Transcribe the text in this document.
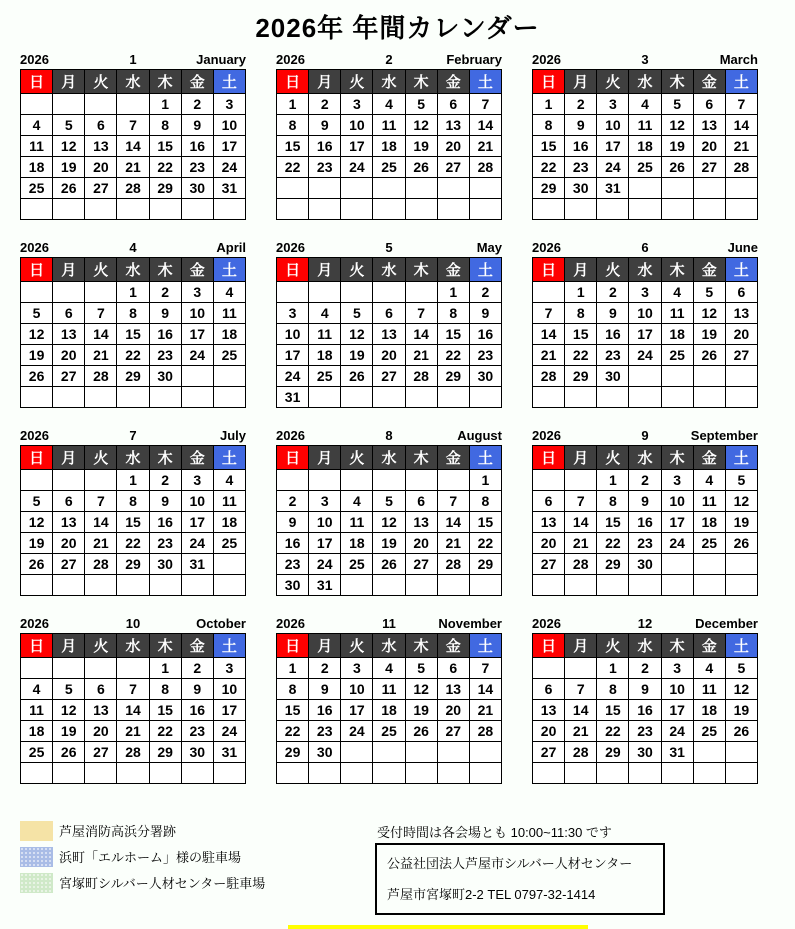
2026年 年間カレンダー
2026	1	January
日	月	火	水	木	金	土
				1	2	3
4	5	6	7	8	9	10
11	12	13	14	15	16	17
18	19	20	21	22	23	24
25	26	27	28	29	30	31

2026	2	February
日	月	火	水	木	金	土
1	2	3	4	5	6	7
8	9	10	11	12	13	14
15	16	17	18	19	20	21
22	23	24	25	26	27	28

2026	3	March
日	月	火	水	木	金	土
1	2	3	4	5	6	7
8	9	10	11	12	13	14
15	16	17	18	19	20	21
22	23	24	25	26	27	28
29	30	31				

2026	4	April
日	月	火	水	木	金	土
			1	2	3	4
5	6	7	8	9	10	11
12	13	14	15	16	17	18
19	20	21	22	23	24	25
26	27	28	29	30		

2026	5	May
日	月	火	水	木	金	土
					1	2
3	4	5	6	7	8	9
10	11	12	13	14	15	16
17	18	19	20	21	22	23
24	25	26	27	28	29	30
31						
2026	6	June
日	月	火	水	木	金	土
	1	2	3	4	5	6
7	8	9	10	11	12	13
14	15	16	17	18	19	20
21	22	23	24	25	26	27
28	29	30				

2026	7	July
日	月	火	水	木	金	土
			1	2	3	4
5	6	7	8	9	10	11
12	13	14	15	16	17	18
19	20	21	22	23	24	25
26	27	28	29	30	31	

2026	8	August
日	月	火	水	木	金	土
						1
2	3	4	5	6	7	8
9	10	11	12	13	14	15
16	17	18	19	20	21	22
23	24	25	26	27	28	29
30	31					
2026	9	September
日	月	火	水	木	金	土
		1	2	3	4	5
6	7	8	9	10	11	12
13	14	15	16	17	18	19
20	21	22	23	24	25	26
27	28	29	30			

2026	10	October
日	月	火	水	木	金	土
				1	2	3
4	5	6	7	8	9	10
11	12	13	14	15	16	17
18	19	20	21	22	23	24
25	26	27	28	29	30	31

2026	11	November
日	月	火	水	木	金	土
1	2	3	4	5	6	7
8	9	10	11	12	13	14
15	16	17	18	19	20	21
22	23	24	25	26	27	28
29	30					

2026	12	December
日	月	火	水	木	金	土
		1	2	3	4	5
6	7	8	9	10	11	12
13	14	15	16	17	18	19
20	21	22	23	24	25	26
27	28	29	30	31		

芦屋消防高浜分署跡
浜町「エルホーム」様の駐車場
宮塚町シルバー人材センター駐車場
受付時間は各会場とも 10:00~11:30 です
公益社団法人芦屋市シルバー人材センター
芦屋市宮塚町2-2 TEL 0797-32-1414
